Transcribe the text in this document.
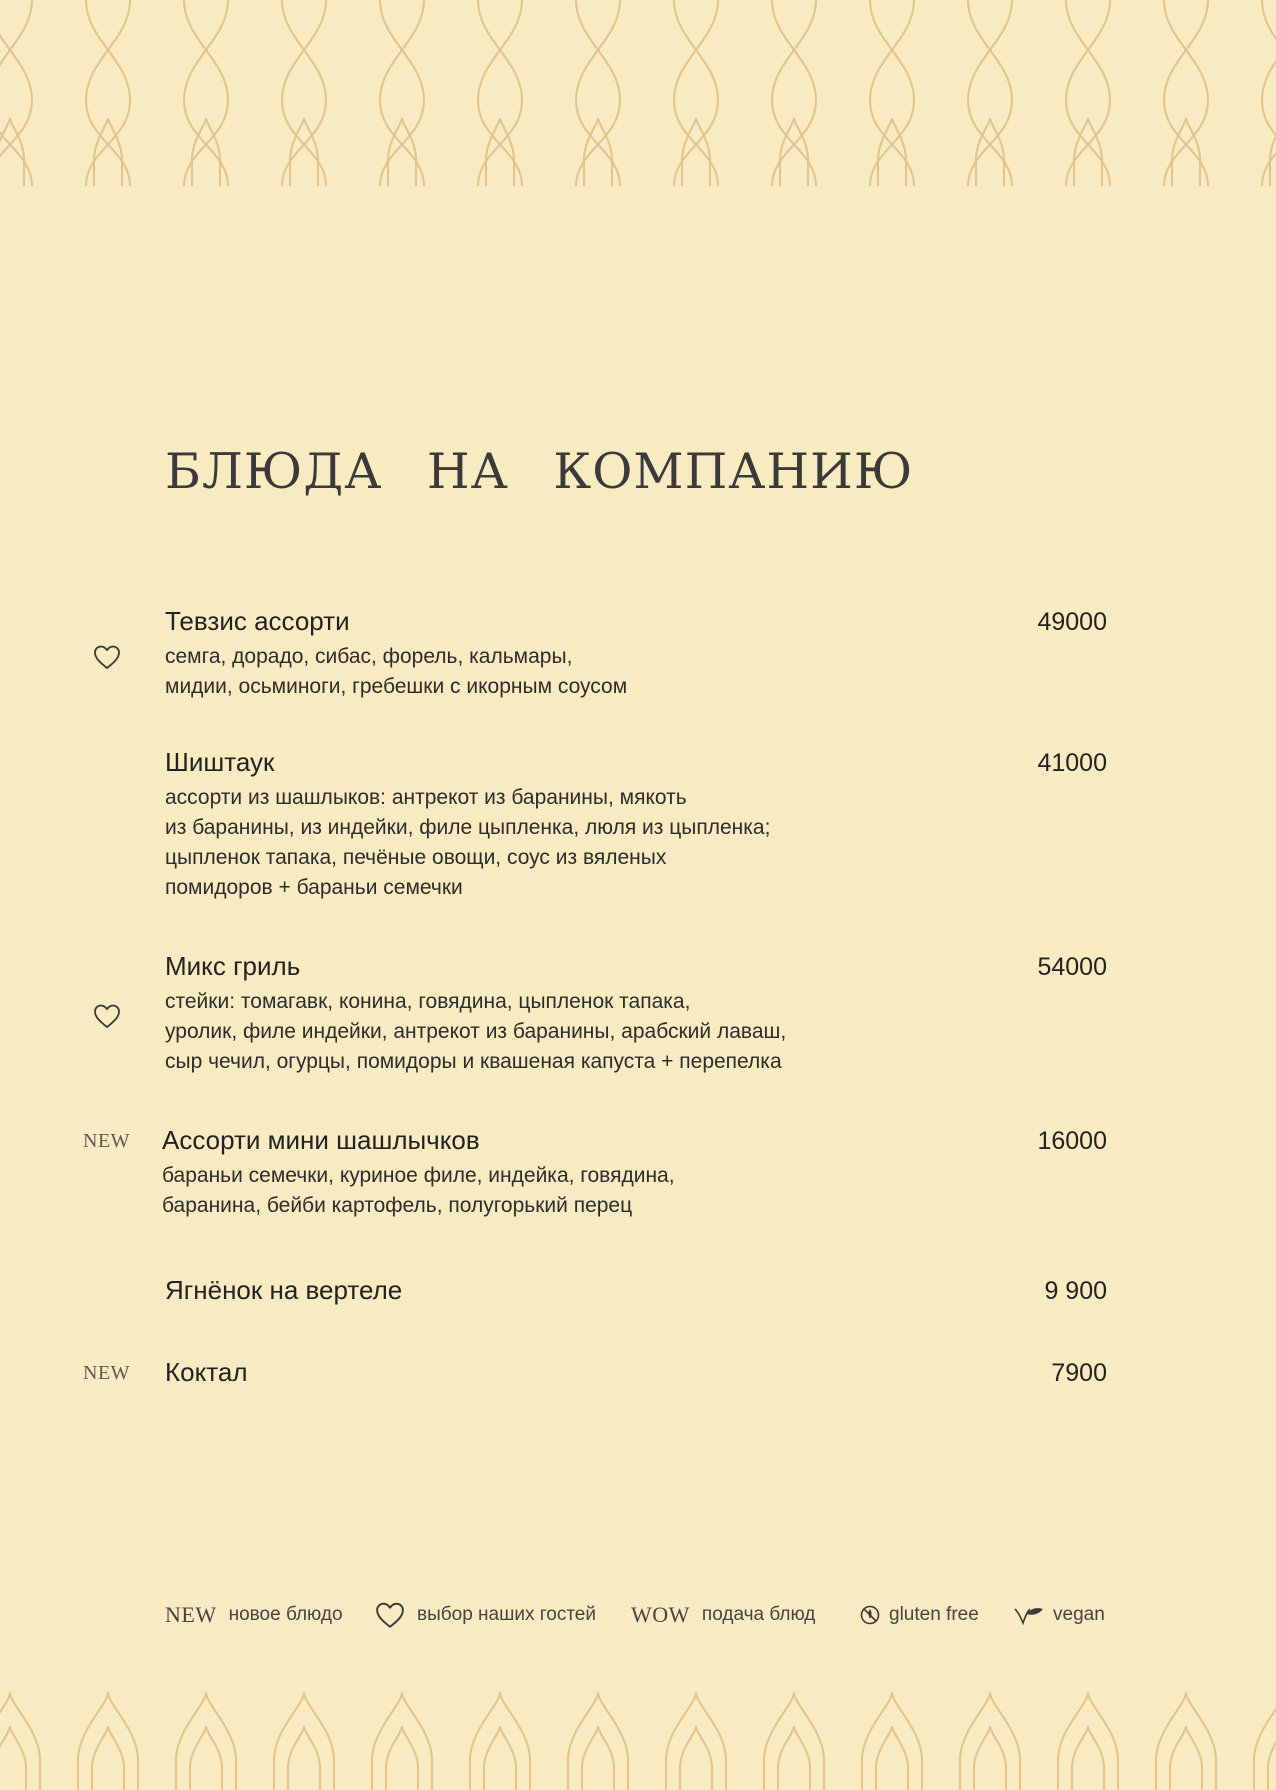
БЛЮДА НА КОМПАНИЮ
Тевзис ассорти	49000
семга, дорадо, сибас, форель, кальмары,
мидии, осьминоги, гребешки с икорным соусом
Шиштаук	41000
ассорти из шашлыков: антрекот из баранины, мякоть
из баранины, из индейки, филе цыпленка, люля из цыпленка;
цыпленок тапака, печёные овощи, соус из вяленых
помидоров + бараньи семечки
Микс гриль	54000
стейки: томагавк, конина, говядина, цыпленок тапака,
уролик, филе индейки, антрекот из баранины, арабский лаваш,
сыр чечил, огурцы, помидоры и квашеная капуста + перепелка
NEW Ассорти мини шашлычков	16000
бараньи семечки, куриное филе, индейка, говядина,
баранина, бейби картофель, полугорький перец
Ягнёнок на вертеле	9 900
NEW Коктал	7900
NEW новое блюдо	выбор наших гостей WOW подача блюд	gluten free	vegan
